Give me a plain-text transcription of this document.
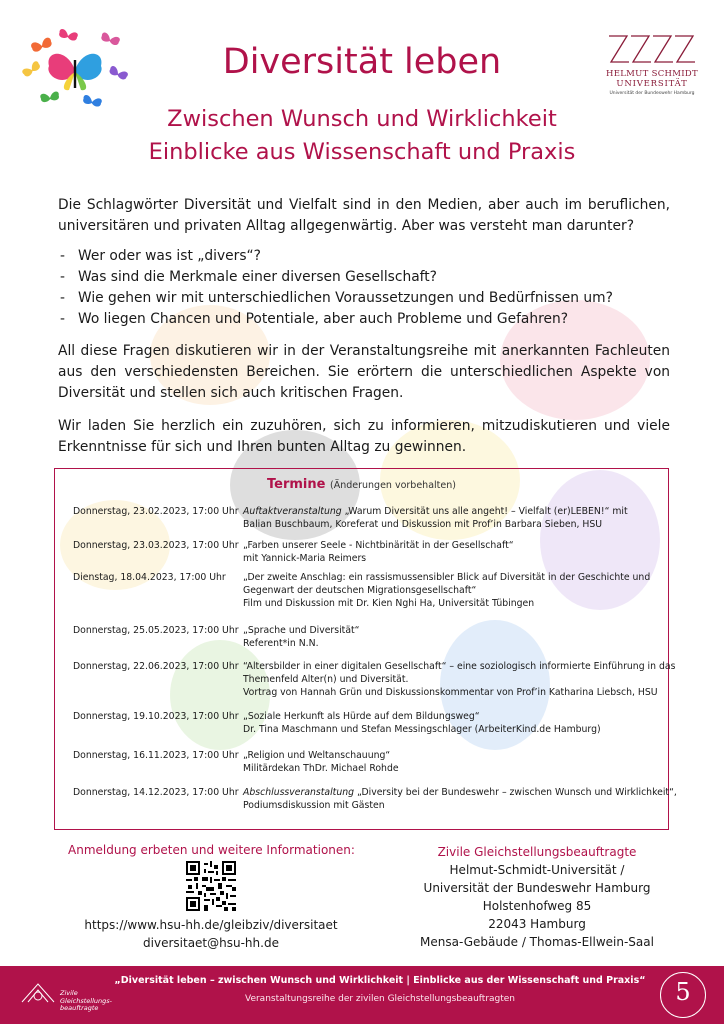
HELMUT SCHMIDT
UNIVERSITÄT
Universität der Bundeswehr Hamburg
Diversität leben
Zwischen Wunsch und Wirklichkeit
Einblicke aus Wissenschaft und Praxis

Die Schlagwörter Diversität und Vielfalt sind in den Medien, aber auch im beruflichen, universitären und privaten Alltag allgegenwärtig. Aber was versteht man darunter?

- Wer oder was ist „divers“?
- Was sind die Merkmale einer diversen Gesellschaft?
- Wie gehen wir mit unterschiedlichen Voraussetzungen und Bedürfnissen um?
- Wo liegen Chancen und Potentiale, aber auch Probleme und Gefahren?

All diese Fragen diskutieren wir in der Veranstaltungsreihe mit anerkannten Fachleuten aus den verschiedensten Bereichen. Sie erörtern die unterschiedlichen Aspekte von Diversität und stellen sich auch kritischen Fragen.

Wir laden Sie herzlich ein zuzuhören, sich zu informieren, mitzudiskutieren und viele Erkenntnisse für sich und Ihren bunten Alltag zu gewinnen.

Termine (Änderungen vorbehalten)
Donnerstag, 23.02.2023, 17:00 Uhr Auftaktveranstaltung „Warum Diversität uns alle angeht! – Vielfalt (er)LEBEN!“ mit
Balian Buschbaum, Koreferat und Diskussion mit Prof’in Barbara Sieben, HSU
Donnerstag, 23.03.2023, 17:00 Uhr „Farben unserer Seele - Nichtbinärität in der Gesellschaft“
mit Yannick-Maria Reimers
Dienstag, 18.04.2023, 17:00 Uhr	„Der zweite Anschlag: ein rassismussensibler Blick auf Diversität in der Geschichte und
Gegenwart der deutschen Migrationsgesellschaft“
Film und Diskussion mit Dr. Kien Nghi Ha, Universität Tübingen
Donnerstag, 25.05.2023, 17:00 Uhr „Sprache und Diversität“
Referent*in N.N.
Donnerstag, 22.06.2023, 17:00 Uhr “Altersbilder in einer digitalen Gesellschaft“ – eine soziologisch informierte Einführung in das
Themenfeld Alter(n) und Diversität.
Vortrag von Hannah Grün und Diskussionskommentar von Prof’in Katharina Liebsch, HSU
Donnerstag, 19.10.2023, 17:00 Uhr „Soziale Herkunft als Hürde auf dem Bildungsweg“
Dr. Tina Maschmann und Stefan Messingschlager (ArbeiterKind.de Hamburg)
Donnerstag, 16.11.2023, 17:00 Uhr „Religion und Weltanschauung“
Militärdekan ThDr. Michael Rohde
Donnerstag, 14.12.2023, 17:00 Uhr Abschlussveranstaltung „Diversity bei der Bundeswehr – zwischen Wunsch und Wirklichkeit“,
Podiumsdiskussion mit Gästen
Anmeldung erbeten und weitere Informationen:
https://www.hsu-hh.de/gleibziv/diversitaet
diversitaet@hsu-hh.de
Zivile Gleichstellungsbeauftragte
Helmut-Schmidt-Universität /
Universität der Bundeswehr Hamburg
Holstenhofweg 85
22043 Hamburg
Mensa-Gebäude / Thomas-Ellwein-Saal
Zivile
Gleichstellungs-
beauftragte
„Diversität leben – zwischen Wunsch und Wirklichkeit | Einblicke aus der Wissenschaft und Praxis“
Veranstaltungsreihe der zivilen Gleichstellungsbeauftragten	5
